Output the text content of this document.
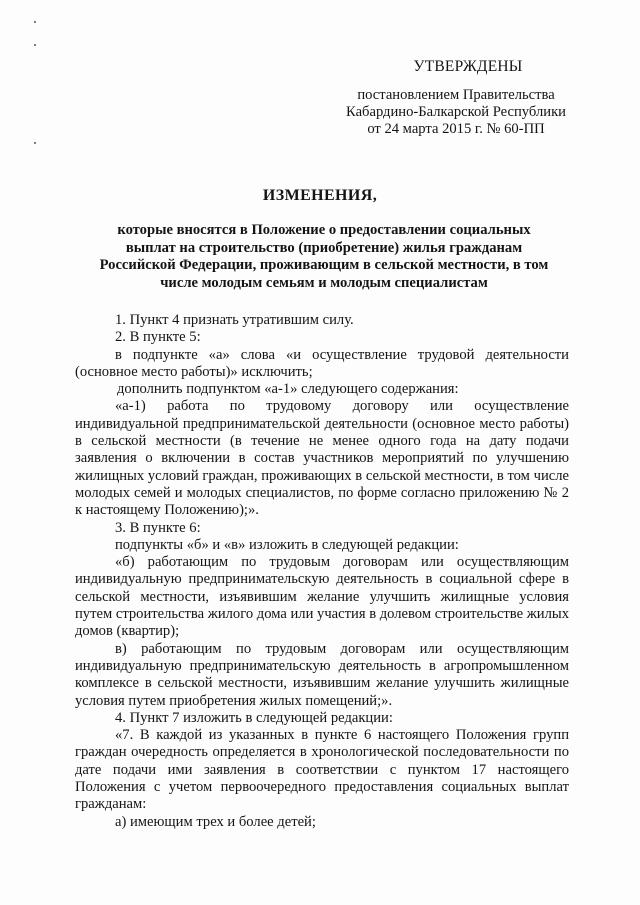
УТВЕРЖДЕНЫ
постановлением Правительства
Кабардино-Балкарской Республики
от 24 марта 2015 г. № 60-ПП
ИЗМЕНЕНИЯ,
которые вносятся в Положение о предоставлении социальных выплат на строительство (приобретение) жилья гражданам Российской Федерации, проживающим в сельской местности, в том числе молодым семьям и молодым специалистам

1. Пункт 4 признать утратившим силу.

2. В пункте 5:

в подпункте «а» слова «и осуществление трудовой деятельности (основное место работы)» исключить;

дополнить подпунктом «а-1» следующего содержания:

«а-1) работа по трудовому договору или осуществление индивидуальной предпринимательской деятельности (основное место работы) в сельской местности (в течение не менее одного года на дату подачи заявления о включении в состав участников мероприятий по улучшению жилищных условий граждан, проживающих в сельской местности, в том числе молодых семей и молодых специалистов, по форме согласно приложению № 2 к настоящему Положению);».

3. В пункте 6:

подпункты «б» и «в» изложить в следующей редакции:

«б) работающим по трудовым договорам или осуществляющим индивидуальную предпринимательскую деятельность в социальной сфере в сельской местности, изъявившим желание улучшить жилищные условия путем строительства жилого дома или участия в долевом строительстве жилых домов (квартир);

в) работающим по трудовым договорам или осуществляющим индивидуальную предпринимательскую деятельность в агропромышленном комплексе в сельской местности, изъявившим желание улучшить жилищные условия путем приобретения жилых помещений;».

4. Пункт 7 изложить в следующей редакции:

«7. В каждой из указанных в пункте 6 настоящего Положения групп граждан очередность определяется в хронологической последовательности по дате подачи ими заявления в соответствии с пунктом 17 настоящего Положения с учетом первоочередного предоставления социальных выплат гражданам:

а) имеющим трех и более детей;
